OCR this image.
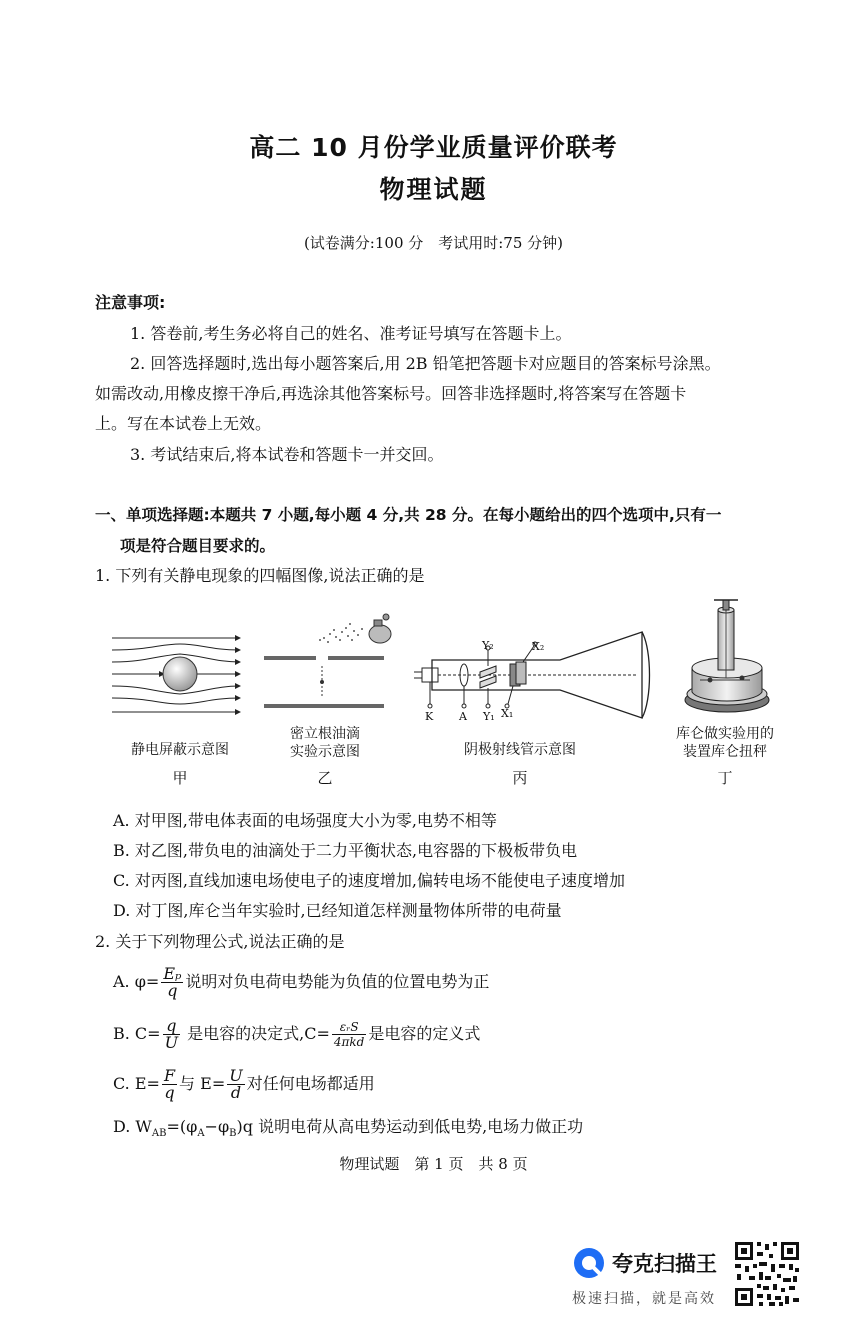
高二 10 月份学业质量评价联考
物理试题
(试卷满分:100 分　考试用时:75 分钟)
注意事项:
1. 答卷前,考生务必将自己的姓名、准考证号填写在答题卡上。
2. 回答选择题时,选出每小题答案后,用 2B 铅笔把答题卡对应题目的答案标号涂黑。
如需改动,用橡皮擦干净后,再选涂其他答案标号。回答非选择题时,将答案写在答题卡
上。写在本试卷上无效。
3. 考试结束后,将本试卷和答题卡一并交回。
一、单项选择题:本题共 7 小题,每小题 4 分,共 28 分。在每小题给出的四个选项中,只有一
项是符合题目要求的。
1. 下列有关静电现象的四幅图像,说法正确的是
静电屏蔽示意图
甲
密立根油滴
实验示意图
乙
Y₂	X₂
K A Y₁ X₁
阴极射线管示意图
丙
库仑做实验用的
装置库仑扭秤
丁
A. 对甲图,带电体表面的电场强度大小为零,电势不相等
B. 对乙图,带负电的油滴处于二力平衡状态,电容器的下极板带负电
C. 对丙图,直线加速电场使电子的速度增加,偏转电场不能使电子速度增加
D. 对丁图,库仑当年实验时,已经知道怎样测量物体所带的电荷量
2. 关于下列物理公式,说法正确的是
A. $\varphi= \frac{\text{Eₚ}}{q}$ 说明对负电荷电势能为负值的位置电势为正
B. $C= \frac{q}{U}$ 是电容的决定式$,C= \frac{\text{εᵣS}}{\text{4πkd}}$ 是电容的定义式
C. $E= \frac{F}{q}$ 与 $E= \frac{U}{d}$ 对任何电场都适用
D. $W_{AB}=(\varphi_A-\varphi_B)q$ 说明电荷从高电势运动到低电势,电场力做正功
物理试题　第 1 页　共 8 页
夸克扫描王
极速扫描，就是高效
